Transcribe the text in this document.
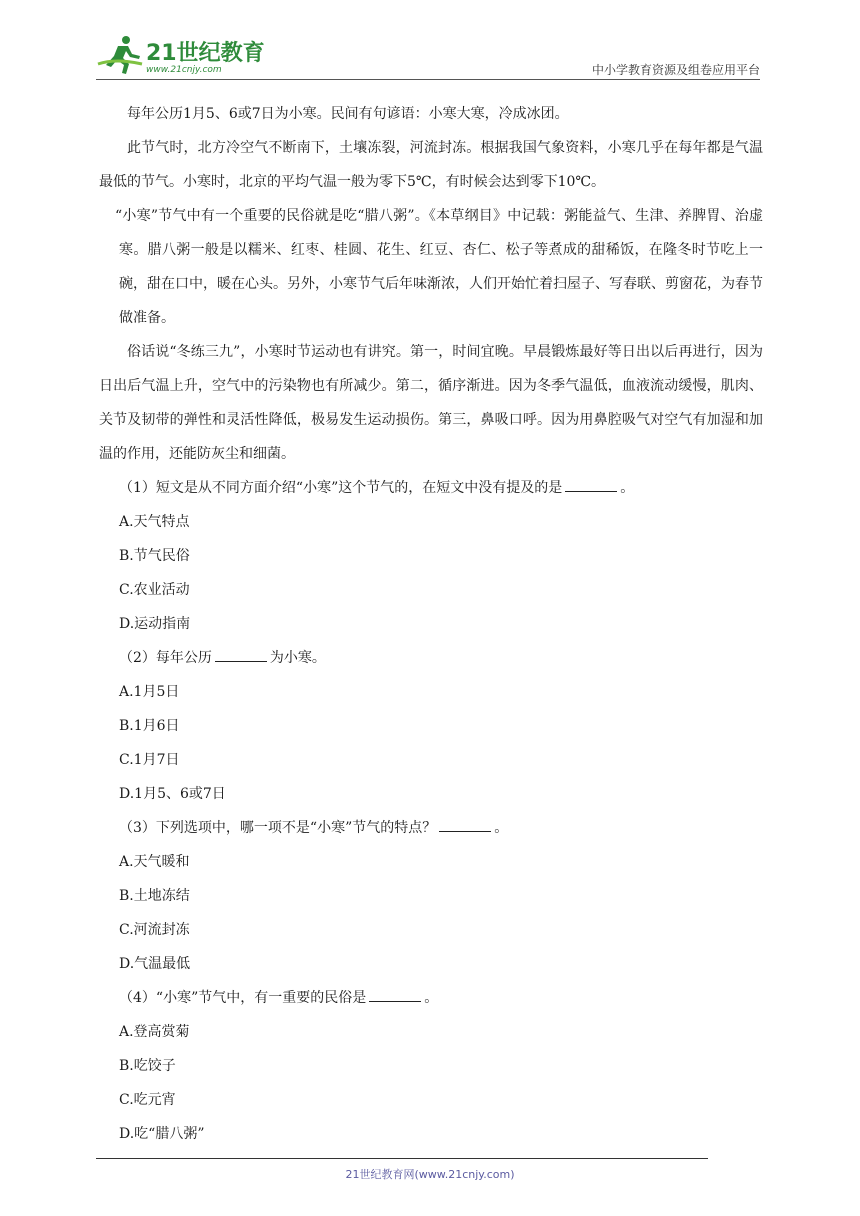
21世纪教育
www.21cnjy.com	中小学教育资源及组卷应用平台

每年公历1月5、6或7日为小寒。民间有句谚语：小寒大寒，冷成冰团。

此节气时，北方冷空气不断南下，土壤冻裂，河流封冻。根据我国气象资料，小寒几乎在每年都是气温最低的节气。小寒时，北京的平均气温一般为零下5℃，有时候会达到零下10℃。

“小寒”节气中有一个重要的民俗就是吃“腊八粥”。《本草纲目》中记载：粥能益气、生津、养脾胃、治虚寒。腊八粥一般是以糯米、红枣、桂圆、花生、红豆、杏仁、松子等煮成的甜稀饭，在隆冬时节吃上一碗，甜在口中，暖在心头。另外，小寒节气后年味渐浓，人们开始忙着扫屋子、写春联、剪窗花，为春节做准备。

俗话说“冬练三九”，小寒时节运动也有讲究。第一，时间宜晚。早晨锻炼最好等日出以后再进行，因为日出后气温上升，空气中的污染物也有所减少。第二，循序渐进。因为冬季气温低，血液流动缓慢，肌肉、关节及韧带的弹性和灵活性降低，极易发生运动损伤。第三，鼻吸口呼。因为用鼻腔吸气对空气有加湿和加温的作用，还能防灰尘和细菌。

（1）短文是从不同方面介绍“小寒”这个节气的，在短文中没有提及的是	。

A.天气特点

B.节气民俗

C.农业活动

D.运动指南

（2）每年公历	为小寒。

A.1月5日

B.1月6日

C.1月7日

D.1月5、6或7日

（3）下列选项中，哪一项不是“小寒”节气的特点？	。

A.天气暖和

B.土地冻结

C.河流封冻

D.气温最低

（4）“小寒”节气中，有一重要的民俗是	。

A.登高赏菊

B.吃饺子

C.吃元宵

D.吃“腊八粥”

21世纪教育网(www.21cnjy.com)
